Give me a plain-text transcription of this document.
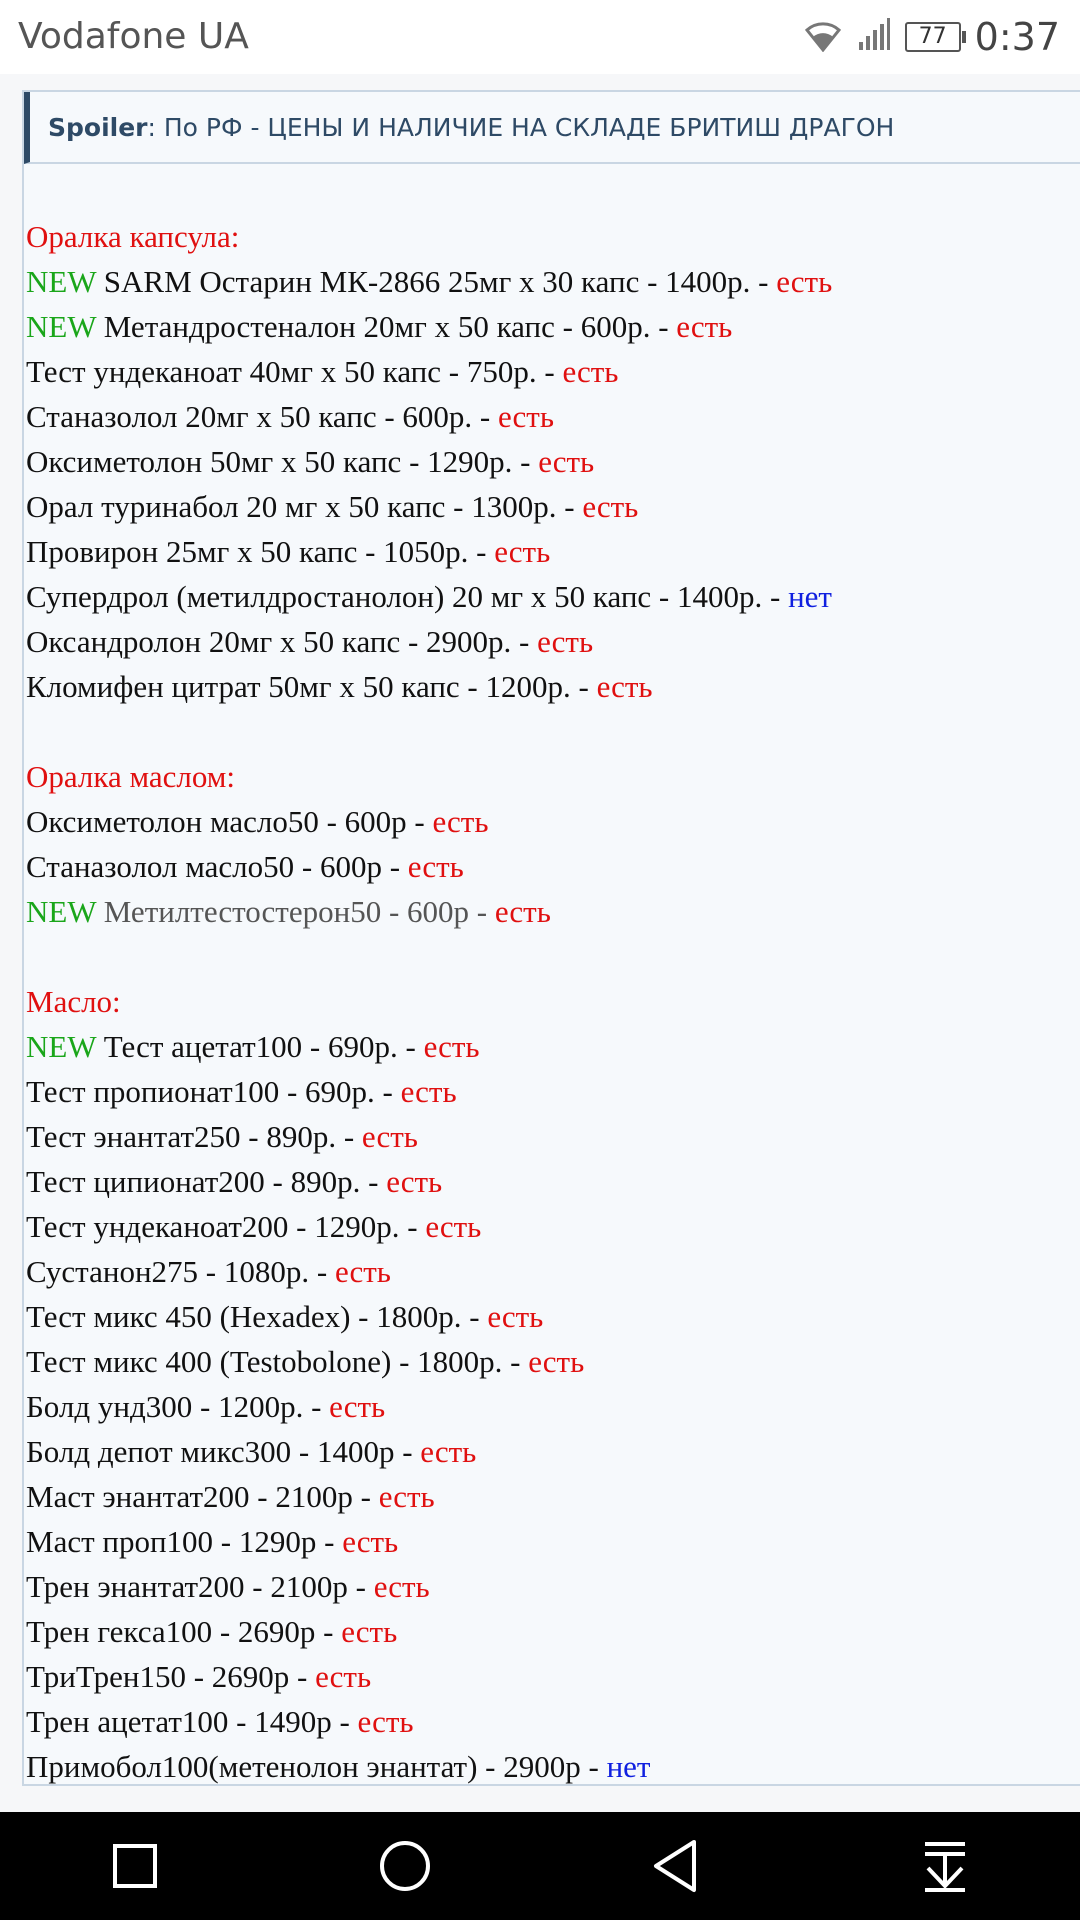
Vodafone UA	77 0:37
Spoiler: По РФ - ЦЕНЫ И НАЛИЧИЕ НА СКЛАДЕ БРИТИШ ДРАГОН
Оралка капсула:
NEW SARM Остарин МК-2866 25мг x 30 капс - 1400р. - есть
NEW Метандростеналон 20мг x 50 капс - 600р. - есть
Тест ундеканоат 40мг x 50 капс - 750р. - есть
Станазолол 20мг x 50 капс - 600р. - есть
Оксиметолон 50мг x 50 капс - 1290р. - есть
Орал туринабол 20 мг x 50 капс - 1300р. - есть
Провирон 25мг x 50 капс - 1050р. - есть
Супердрол (метилдростанолон) 20 мг x 50 капс - 1400р. - нет
Оксандролон 20мг x 50 капс - 2900р. - есть
Кломифен цитрат 50мг x 50 капс - 1200р. - есть
Оралка маслом:
Оксиметолон масло50 - 600р - есть
Станазолол масло50 - 600р - есть
NEW Метилтестостерон50 - 600р - есть
Масло:
NEW Тест ацетат100 - 690р. - есть
Тест пропионат100 - 690р. - есть
Тест энантат250 - 890р. - есть
Тест ципионат200 - 890р. - есть
Тест ундеканоат200 - 1290р. - есть
Сустанон275 - 1080р. - есть
Тест микс 450 (Hexadex) - 1800р. - есть
Тест микс 400 (Testobolone) - 1800р. - есть
Болд унд300 - 1200р. - есть
Болд депот микс300 - 1400р - есть
Маст энантат200 - 2100р - есть
Маст проп100 - 1290р - есть
Трен энантат200 - 2100р - есть
Трен гекса100 - 2690р - есть
ТриТрен150 - 2690р - есть
Трен ацетат100 - 1490р - есть
Примобол100(метенолон энантат) - 2900р - нет
